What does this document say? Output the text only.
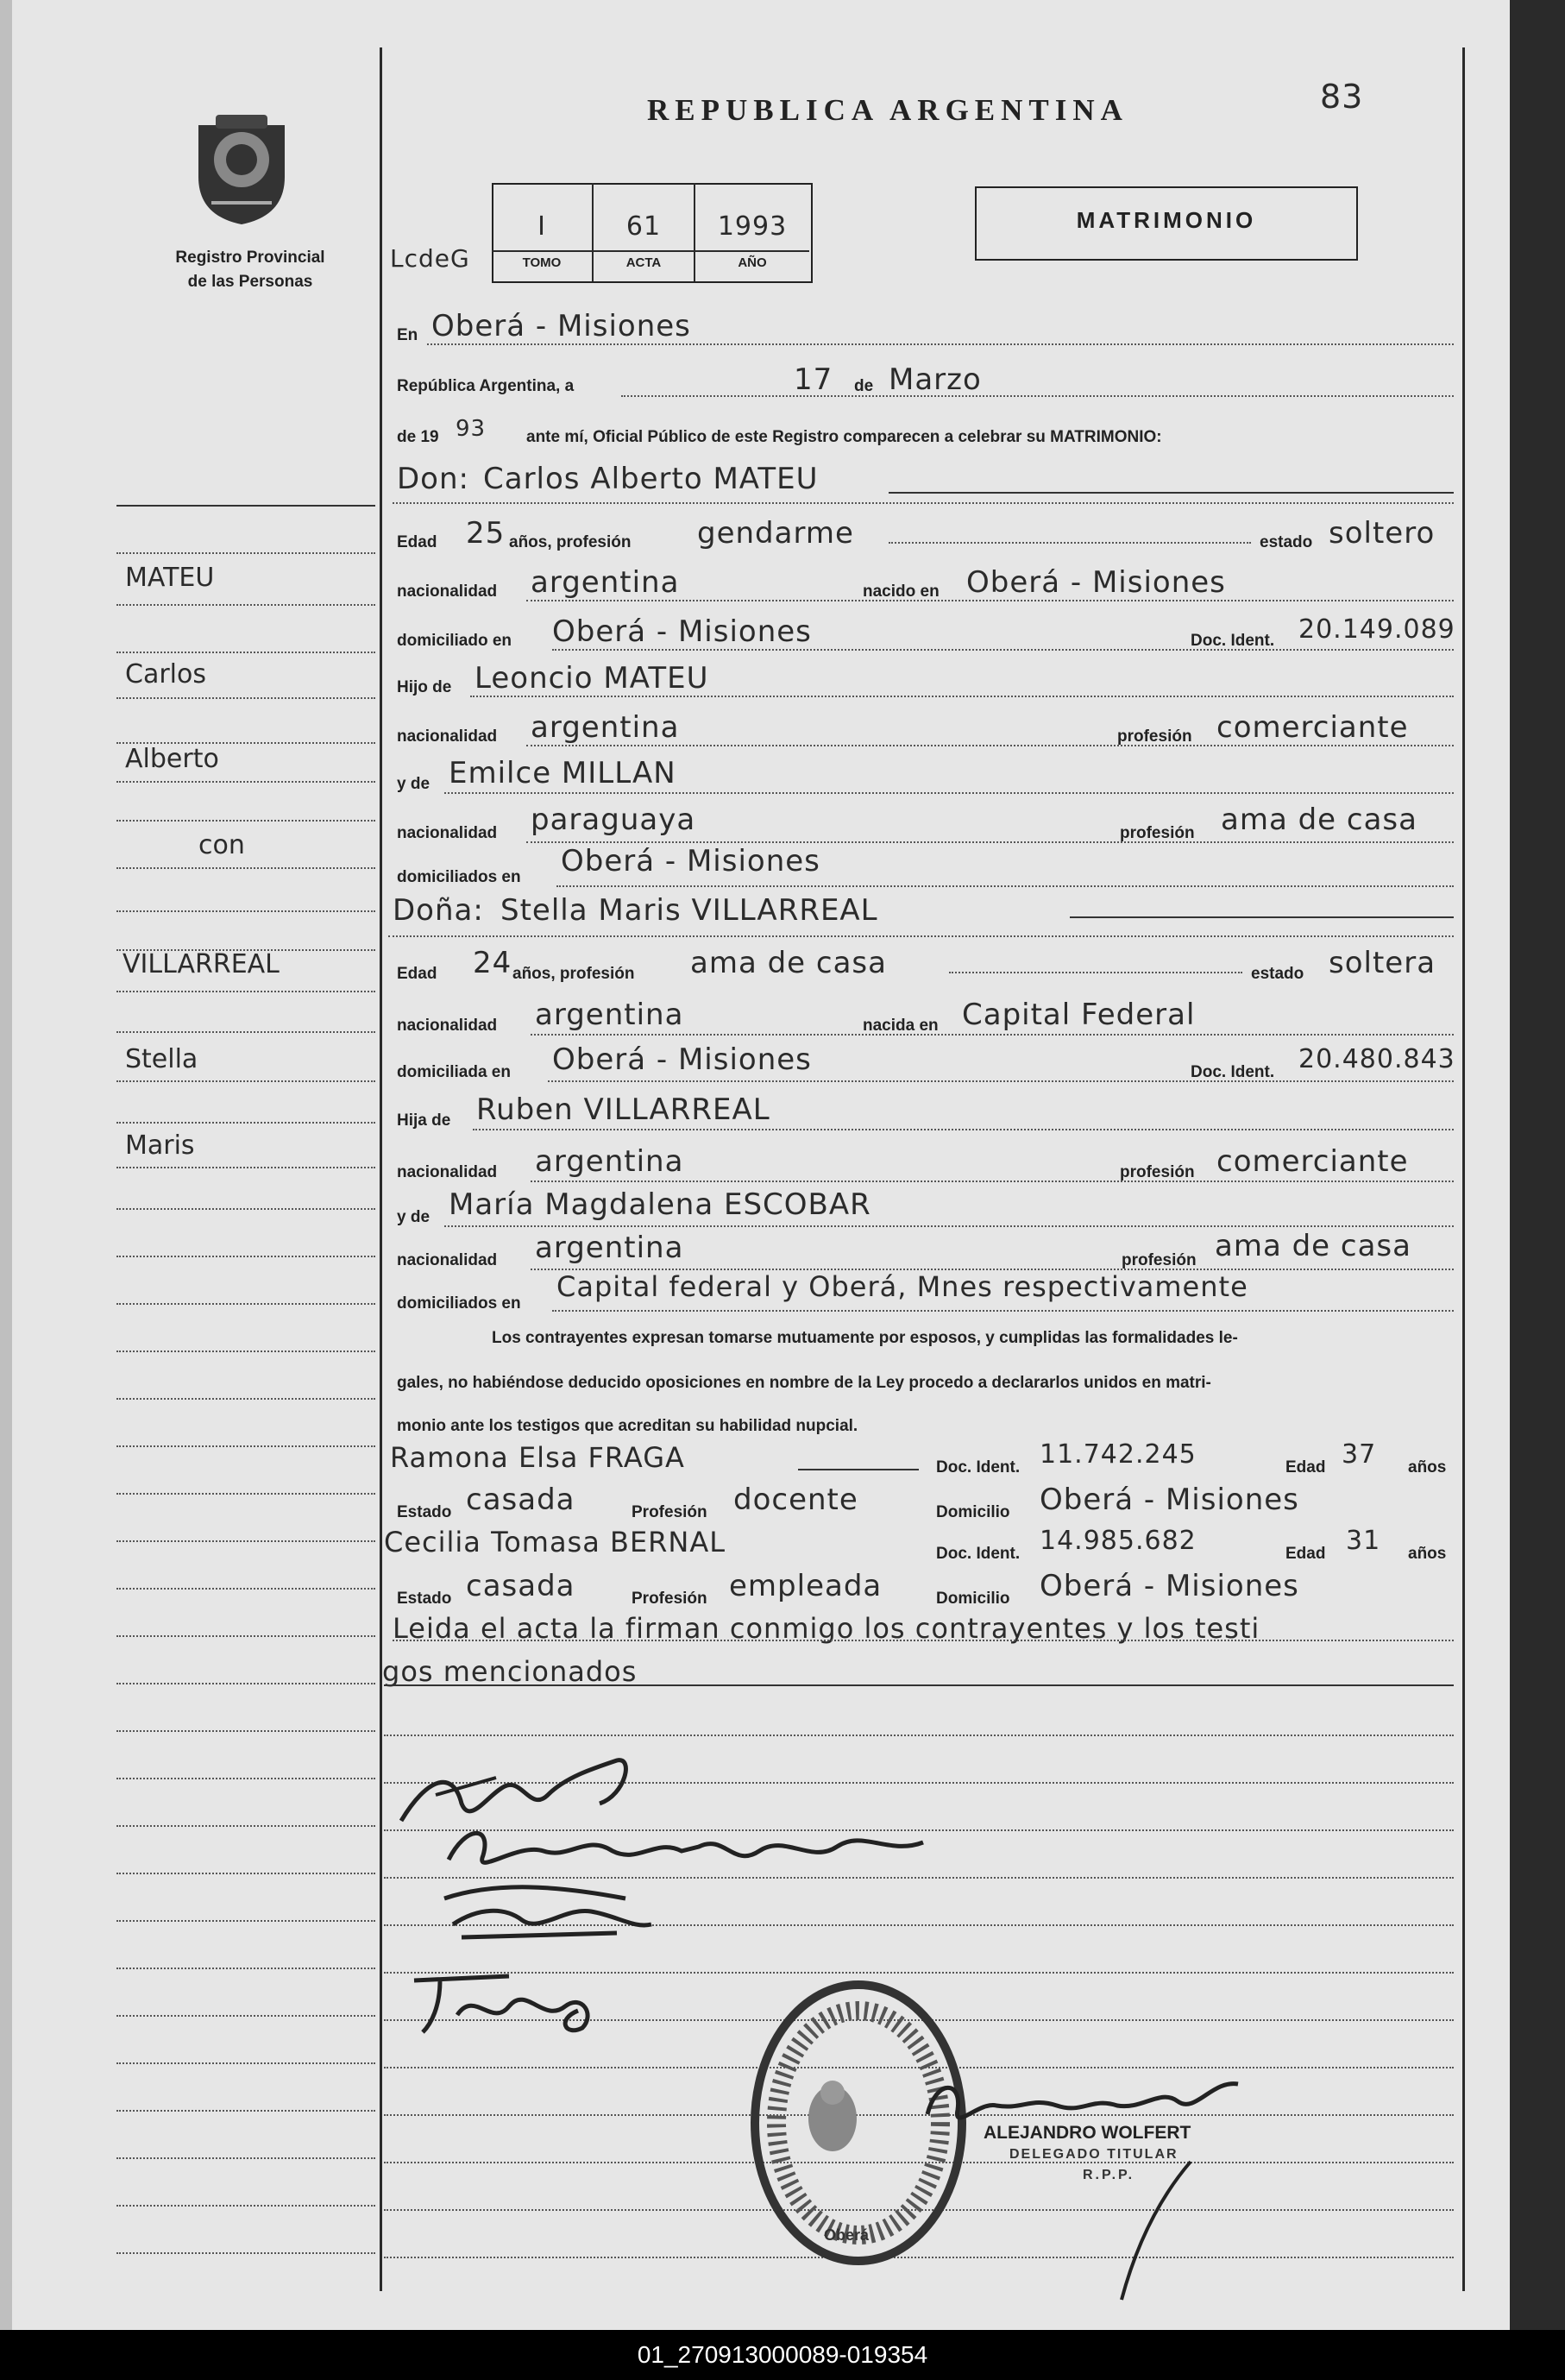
Registro Provincial
de las Personas
REPUBLICA ARGENTINA	83
LcdeG
I	61	1993
TOMO	ACTA	AÑO
MATRIMONIO
En Oberá - Misiones
República Argentina, a	17 de Marzo
de 19 93 ante mí, Oficial Público de este Registro comparecen a celebrar su MATRIMONIO:
Don: Carlos Alberto MATEU
Edad 25 años, profesión gendarme	estado soltero
nacionalidad argentina	nacido en Oberá - Misiones
domiciliado en Oberá - Misiones	Doc. Ident. 20.149.089
Hijo de Leoncio MATEU
nacionalidad argentina	profesión comerciante
y de Emilce MILLAN
nacionalidad paraguaya	profesión ama de casa
domiciliados en Oberá - Misiones
Doña: Stella Maris VILLARREAL
Edad 24 años, profesión ama de casa	estado soltera
nacionalidad argentina	nacida en Capital Federal
domiciliada en Oberá - Misiones	Doc. Ident. 20.480.843
Hija de Ruben VILLARREAL
nacionalidad argentina	profesión comerciante
y de María Magdalena ESCOBAR
nacionalidad argentina	profesión ama de casa
domiciliados en
Capital federal y Oberá, Mnes respectivamente
Los contrayentes expresan tomarse mutuamente por esposos, y cumplidas las formalidades le-
gales, no habiéndose deducido oposiciones en nombre de la Ley procedo a declararlos unidos en matri-
monio ante los testigos que acreditan su habilidad nupcial.
Ramona Elsa FRAGA	Doc. Ident. 11.742.245	Edad 37 años
Estado casada	Profesión docente	Domicilio Oberá - Misiones
Cecilia Tomasa BERNAL	Doc. Ident. 14.985.682	Edad 31 años
Estado casada	Profesión empleada	Domicilio Oberá - Misiones
Leida el acta la firman conmigo los contrayentes y los testi
gos mencionados
Oberá
ALEJANDRO WOLFERT
DELEGADO TITULAR
R.P.P.
MATEU
Carlos
Alberto
con
VILLARREAL
Stella
Maris
01_270913000089-019354
